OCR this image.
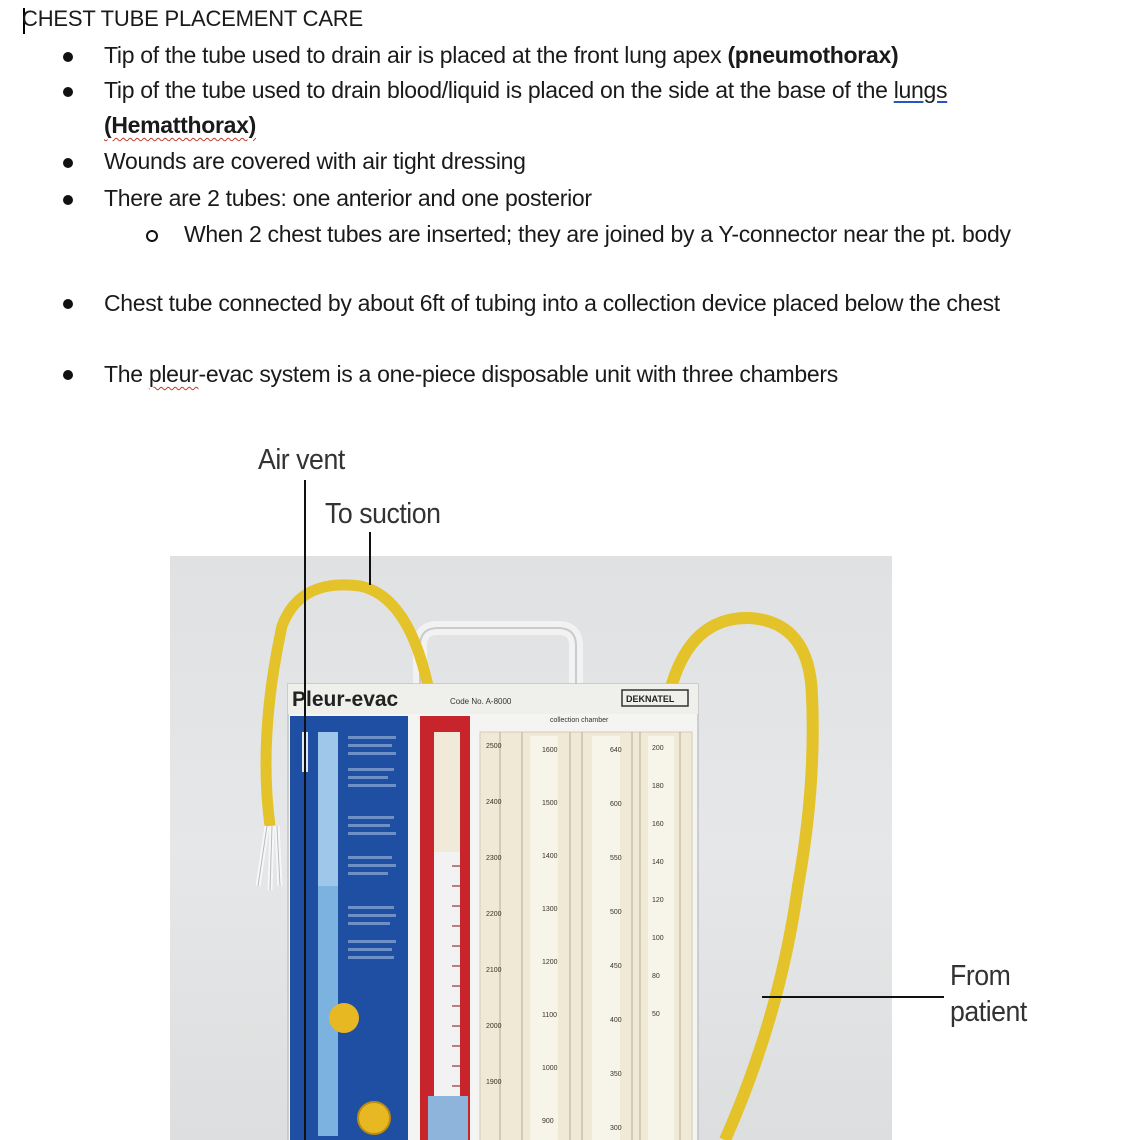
CHEST TUBE PLACEMENT CARE
Tip of the tube used to drain air is placed at the front lung apex (pneumothorax)
Tip of the tube used to drain blood/liquid is placed on the side at the base of the lungs
(Hematthorax)
Wounds are covered with air tight dressing
There are 2 tubes: one anterior and one posterior
When 2 chest tubes are inserted; they are joined by a Y-connector near the pt. body
Chest tube connected by about 6ft of tubing into a collection device placed below the chest
The pleur-evac system is a one-piece disposable unit with three chambers
Air vent
To suction
From
patient
Pleur-evac	Code No. A-8000	DEKNATEL
collection chamber
2500
2400
2300
2200
2100
2000
1900
1600
1500
1400
1300
1200
1100
1000
900
640
600
550
500
450
400
350
300
200
180
160
140
120
100
80
50
